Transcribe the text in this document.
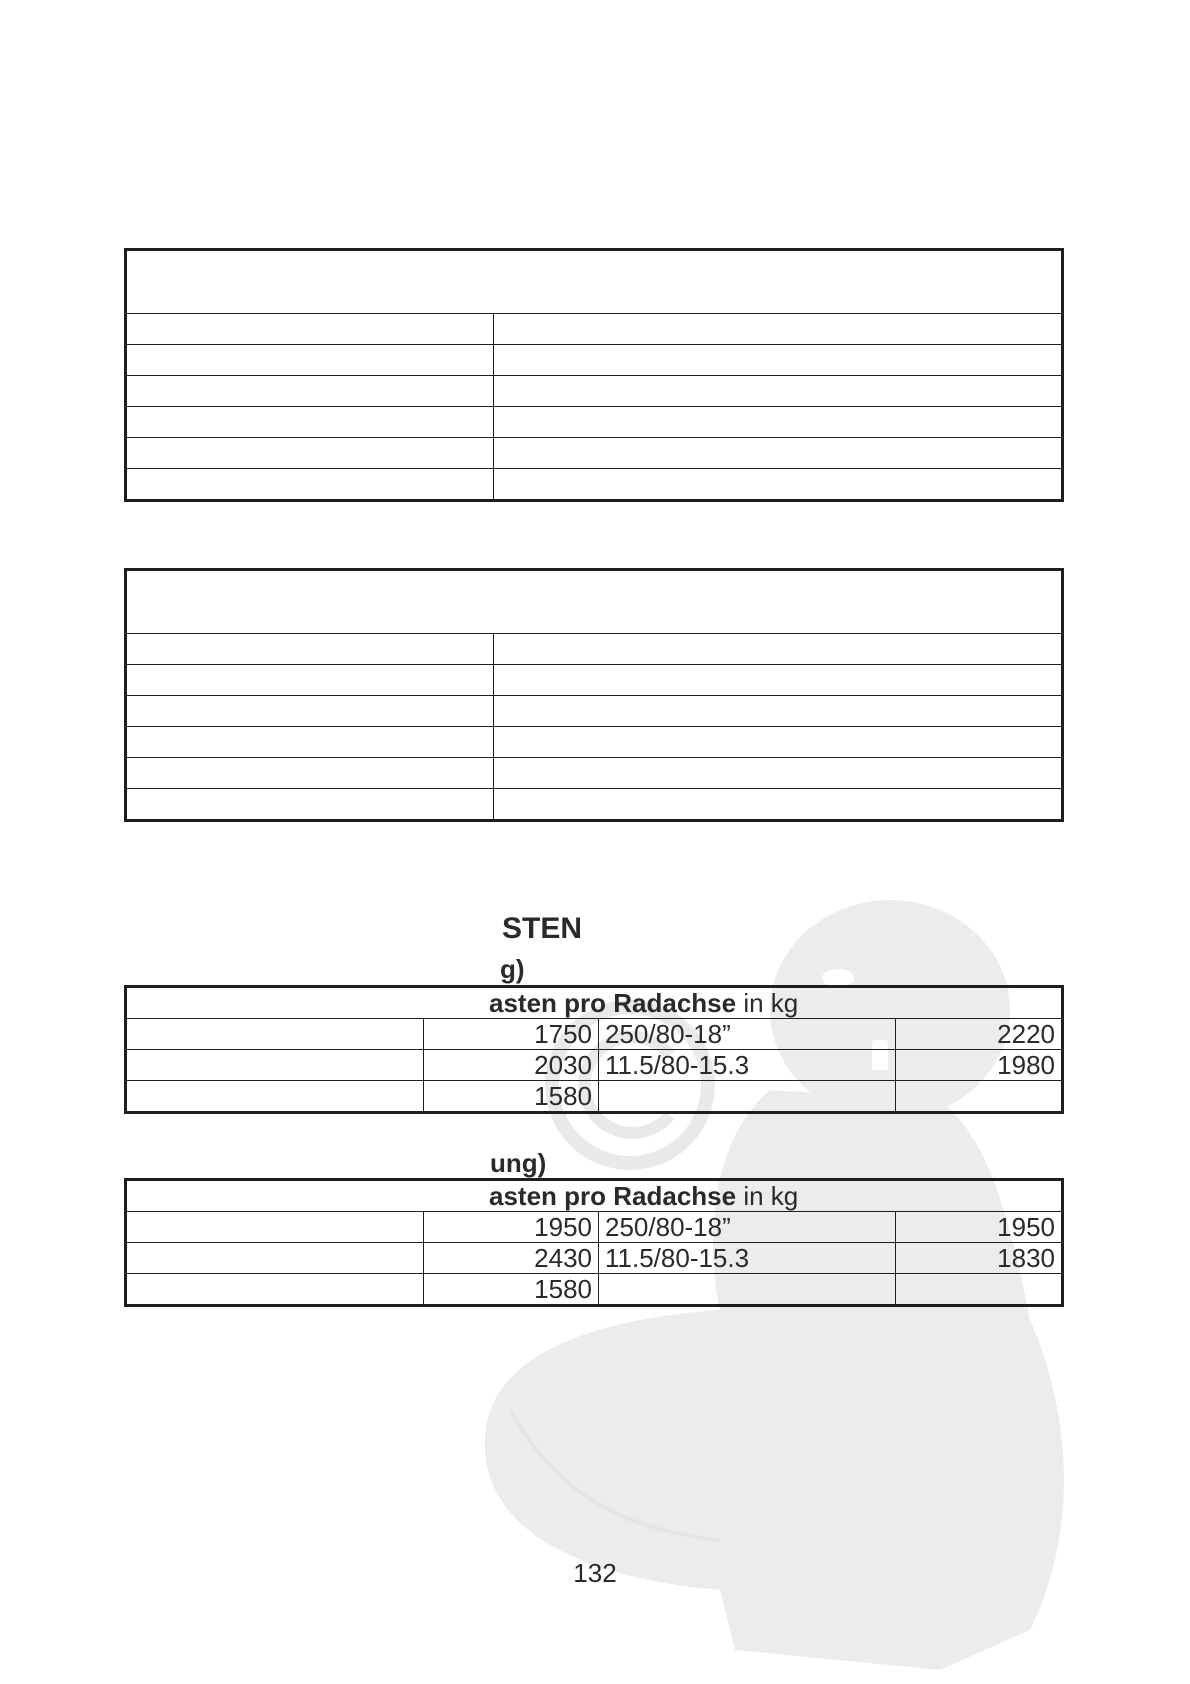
STEN
g)
asten pro Radachse in kg			
	1750	250/80-18”	2220
	2030	11.5/80-15.3	1980
	1580		
ung)
asten pro Radachse in kg			
	1950	250/80-18”	1950
	2430	11.5/80-15.3	1830
	1580		
132
